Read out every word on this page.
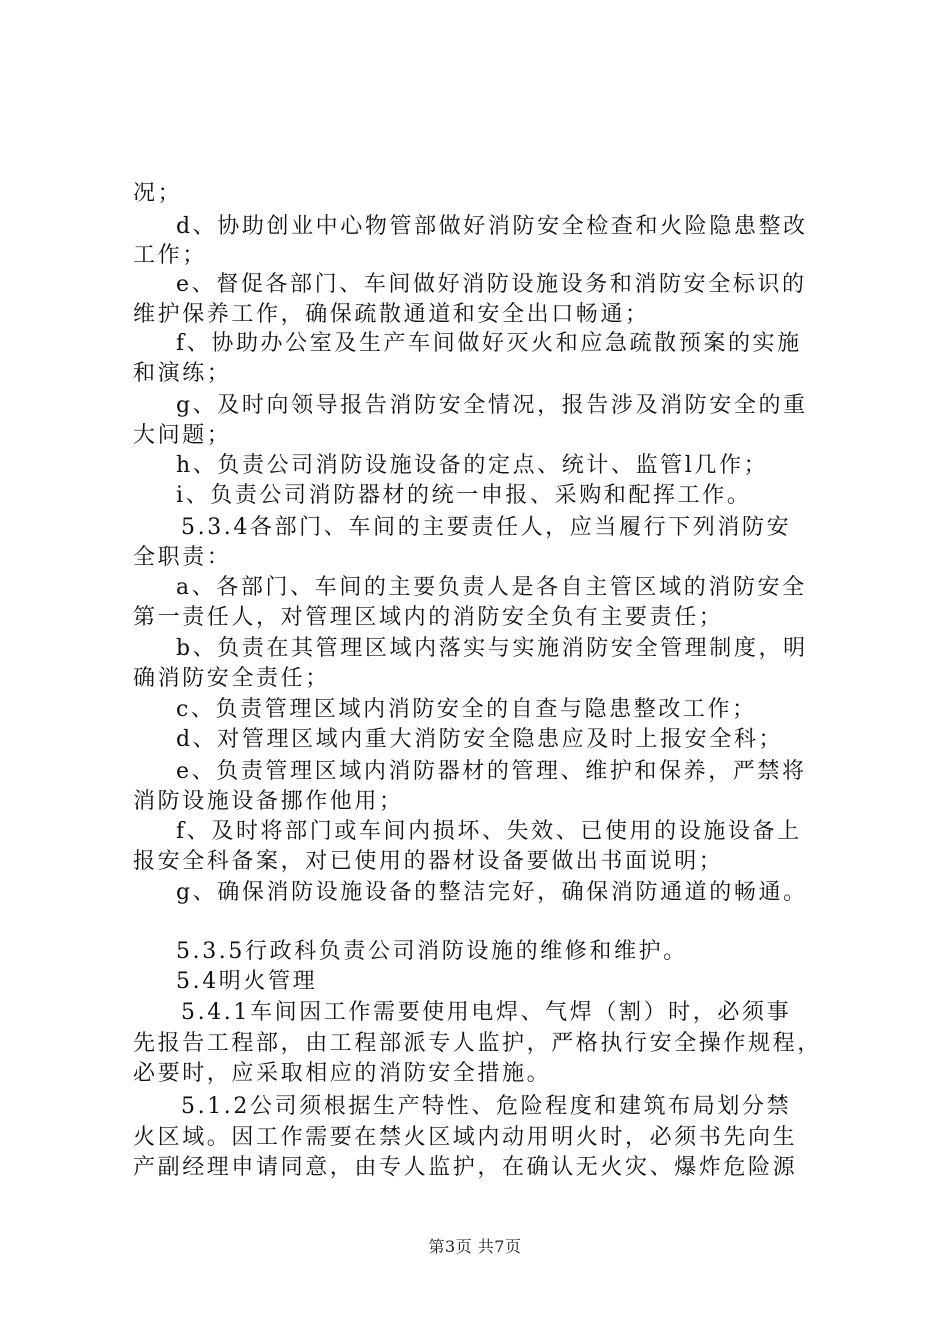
况；
d、协助创业中心物管部做好消防安全检查和火险隐患整改
工作；
e、督促各部门、车间做好消防设施设务和消防安全标识的
维护保养工作，确保疏散通道和安全出口畅通；
f、协助办公室及生产车间做好灭火和应急疏散预案的实施
和演练；
g、及时向领导报告消防安全情况，报告涉及消防安全的重
大问题；
h、负责公司消防设施设备的定点、统计、监管l几作；
i、负责公司消防器材的统一申报、采购和配挥工作。
5.3.4各部门、车间的主要责任人，应当履行下列消防安
全职责：
a、各部门、车间的主要负责人是各自主管区域的消防安全
第一责任人，对管理区域内的消防安全负有主要责任；
b、负责在其管理区域内落实与实施消防安全管理制度，明
确消防安全责任；
c、负责管理区域内消防安全的自查与隐患整改工作；
d、对管理区域内重大消防安全隐患应及时上报安全科；
e、负责管理区域内消防器材的管理、维护和保养，严禁将
消防设施设备挪作他用；
f、及时将部门或车间内损坏、失效、已使用的设施设备上
报安全科备案，对已使用的器材设备要做出书面说明；
g、确保消防设施设备的整洁完好，确保消防通道的畅通。
5.3.5行政科负责公司消防设施的维修和维护。
5.4明火管理
5.4.1车间因工作需要使用电焊、气焊（割）时，必须事
先报告工程部，由工程部派专人监护，严格执行安全操作规程，
必要时，应采取相应的消防安全措施。
5.1.2公司须根据生产特性、危险程度和建筑布局划分禁
火区域。因工作需要在禁火区域内动用明火时，必须书先向生
产副经理申请同意，由专人监护，在确认无火灾、爆炸危险源
第3页 共7页
